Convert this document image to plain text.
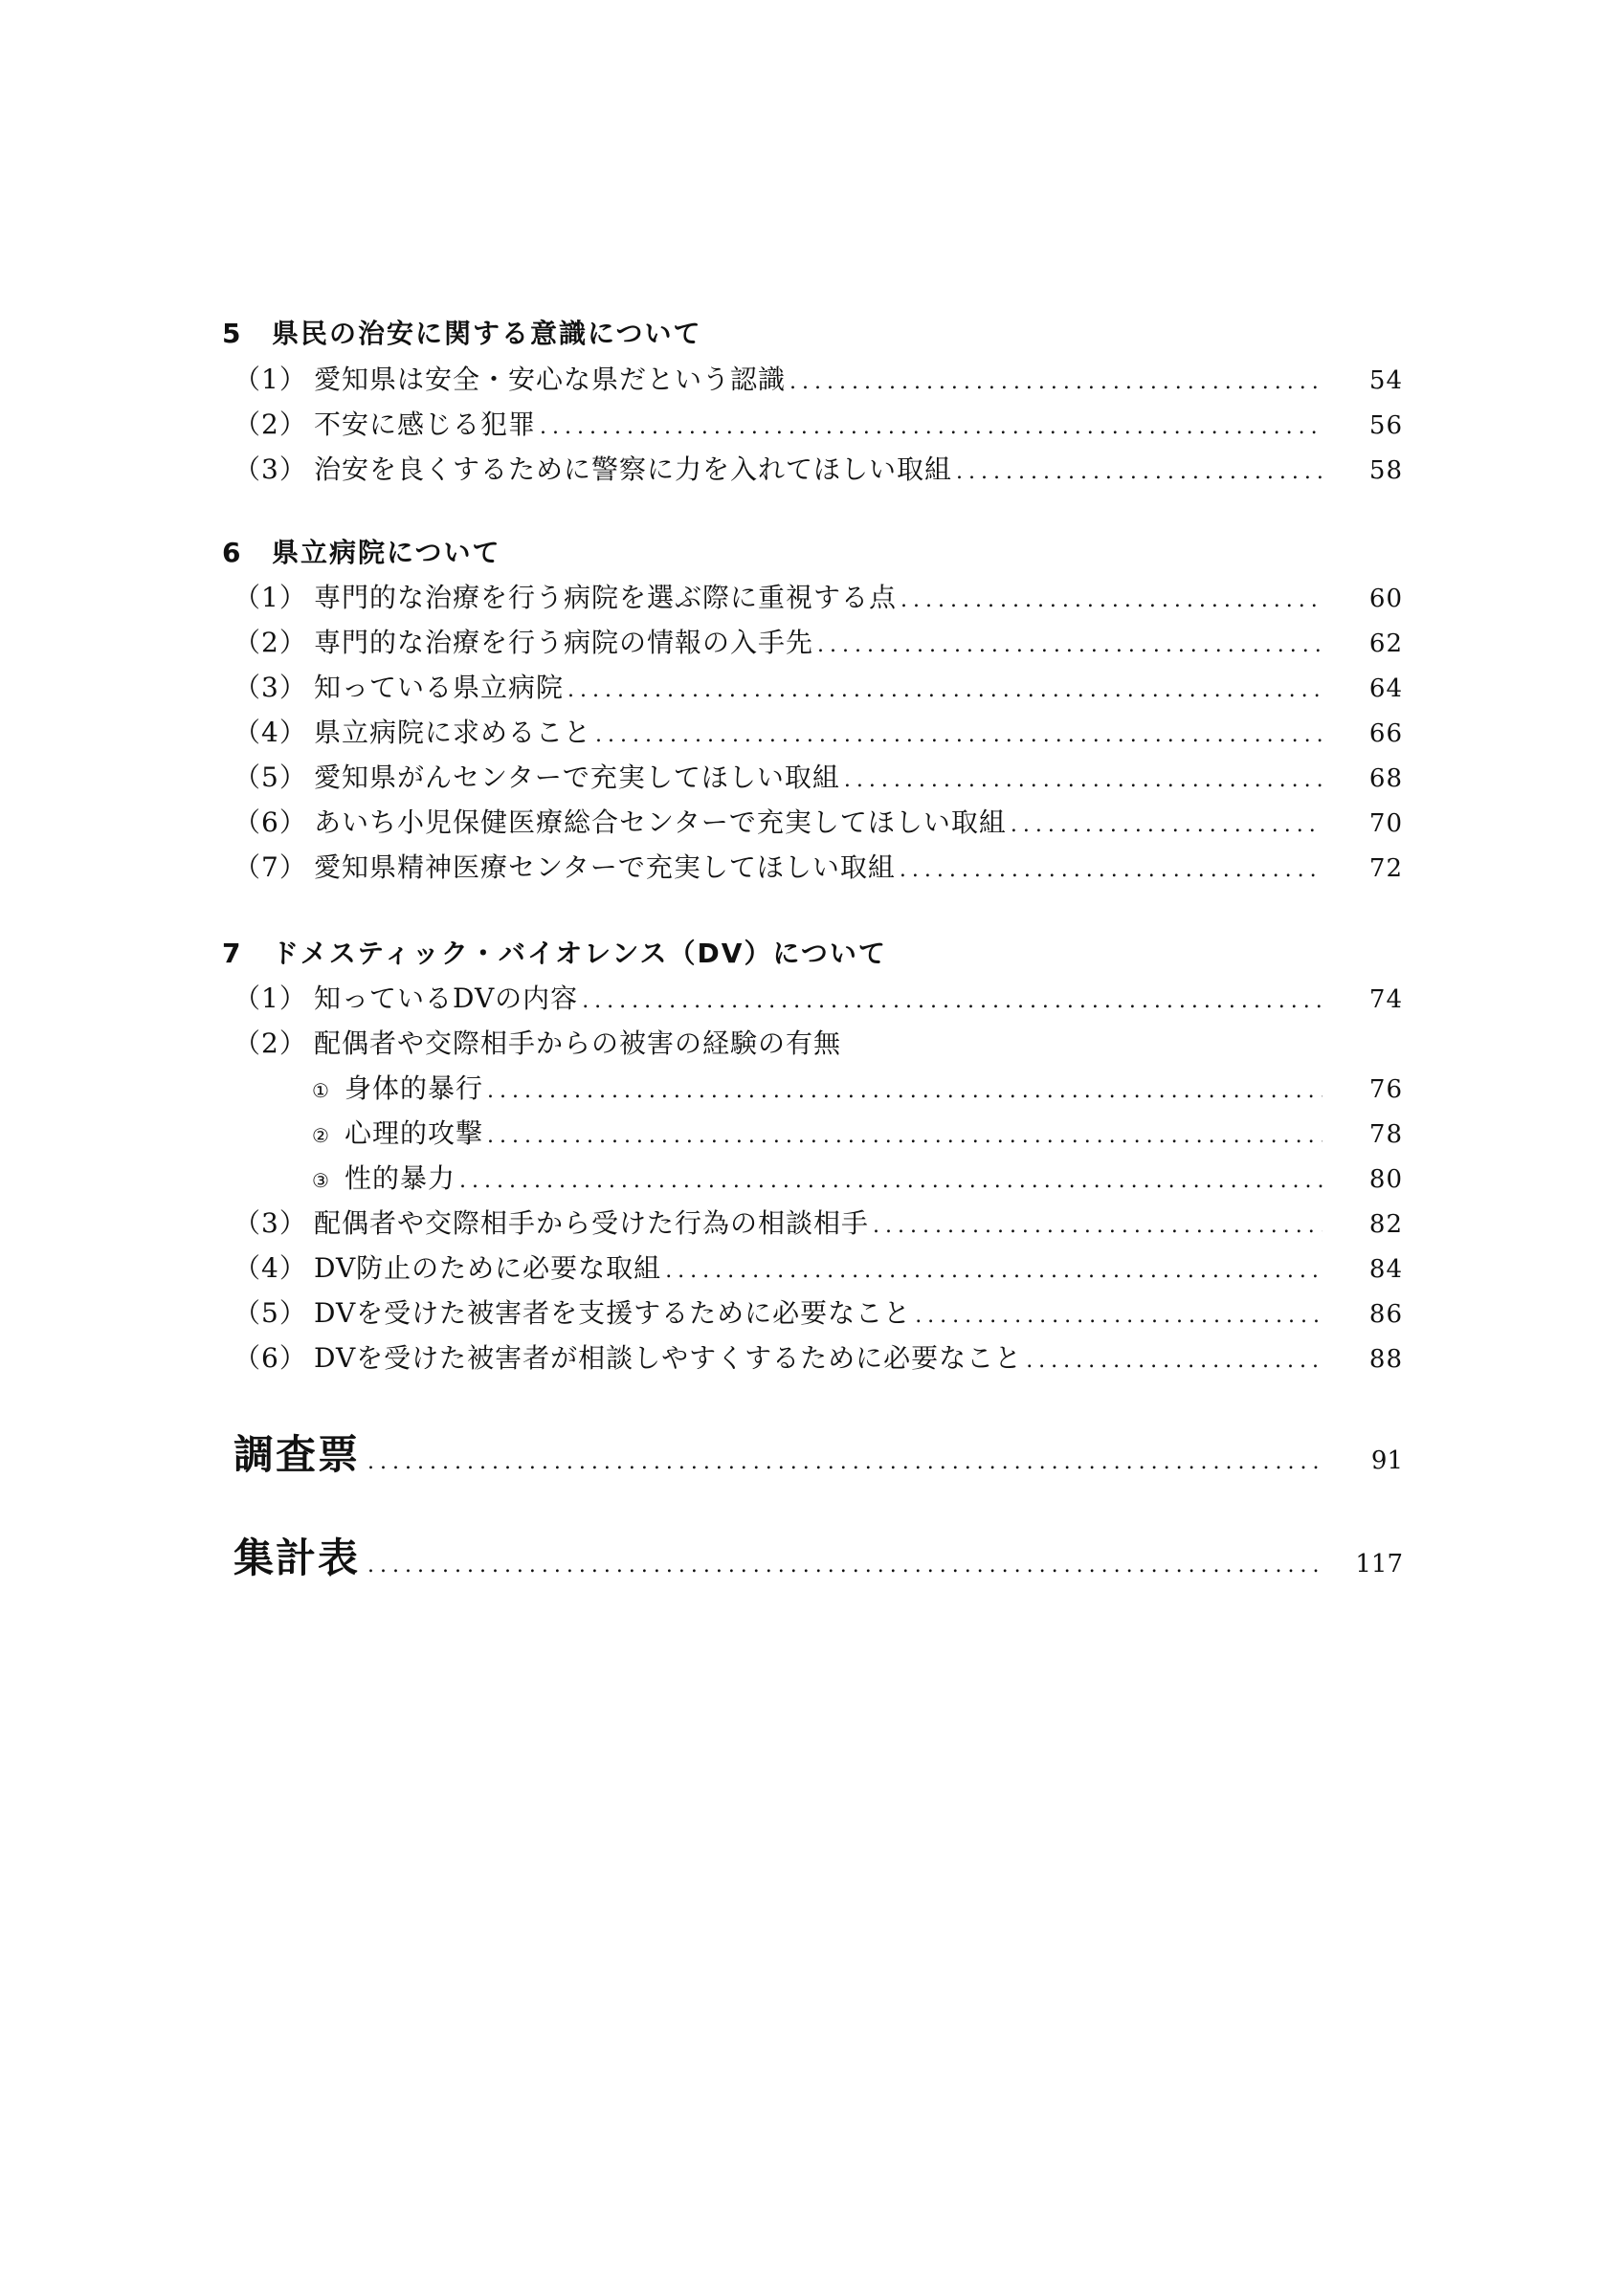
5 県民の治安に関する意識について
（1） 愛知県は安全・安心な県だという認識 .....	54
（2） 不安に感じる犯罪 .....	56
（3） 治安を良くするために警察に力を入れてほしい取組 .....	58
6 県立病院について
（1） 専門的な治療を行う病院を選ぶ際に重視する点 .....	60
（2） 専門的な治療を行う病院の情報の入手先 .....	62
（3） 知っている県立病院 .....	64
（4） 県立病院に求めること .....	66
（5） 愛知県がんセンターで充実してほしい取組 .....	68
（6） あいち小児保健医療総合センターで充実してほしい取組 .....	70
（7） 愛知県精神医療センターで充実してほしい取組 .....	72
7 ドメスティック・バイオレンス（DV）について
（1） 知っているDVの内容 .....	74
（2） 配偶者や交際相手からの被害の経験の有無
① 身体的暴行 .....	76
② 心理的攻撃 .....	78
③ 性的暴力 .....	80
（3） 配偶者や交際相手から受けた行為の相談相手 .....	82
（4） DV防止のために必要な取組 .....	84
（5） DVを受けた被害者を支援するために必要なこと .....	86
（6） DVを受けた被害者が相談しやすくするために必要なこと .....	88
調査票 .....	91
集計表 .....	117
